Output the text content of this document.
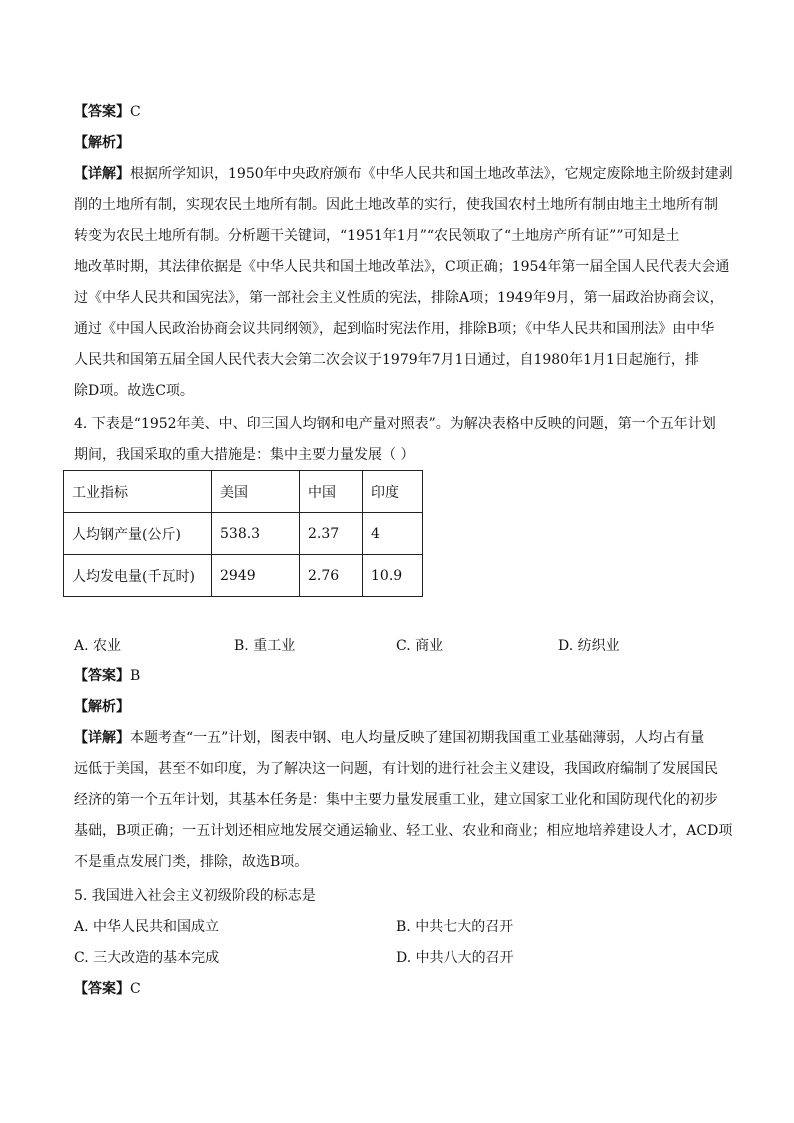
【答案】C
【解析】
【详解】根据所学知识，1950年中央政府颁布《中华人民共和国土地改革法》，它规定废除地主阶级封建剥
削的土地所有制，实现农民土地所有制。因此土地改革的实行，使我国农村土地所有制由地主土地所有制
转变为农民土地所有制。分析题干关键词，“1951年1月”“农民领取了“土地房产所有证””可知是土
地改革时期，其法律依据是《中华人民共和国土地改革法》，C项正确；1954年第一届全国人民代表大会通
过《中华人民共和国宪法》，第一部社会主义性质的宪法，排除A项；1949年9月，第一届政治协商会议，
通过《中国人民政治协商会议共同纲领》，起到临时宪法作用，排除B项；《中华人民共和国刑法》由中华
人民共和国第五届全国人民代表大会第二次会议于1979年7月1日通过，自1980年1月1日起施行，排
除D项。故选C项。
4. 下表是“1952年美、中、印三国人均钢和电产量对照表”。为解决表格中反映的问题，第一个五年计划
期间，我国采取的重大措施是：集中主要力量发展（ ）
工业指标	美国	中国	印度
人均钢产量(公斤)	538.3	2.37	4
人均发电量(千瓦时)	2949	2.76	10.9
A. 农业	B. 重工业	C. 商业	D. 纺织业
【答案】B
【解析】
【详解】本题考查“一五”计划，图表中钢、电人均量反映了建国初期我国重工业基础薄弱，人均占有量
远低于美国，甚至不如印度，为了解决这一问题，有计划的进行社会主义建设，我国政府编制了发展国民
经济的第一个五年计划，其基本任务是：集中主要力量发展重工业，建立国家工业化和国防现代化的初步
基础，B项正确；一五计划还相应地发展交通运输业、轻工业、农业和商业；相应地培养建设人才，ACD项
不是重点发展门类，排除，故选B项。
5. 我国进入社会主义初级阶段的标志是
A. 中华人民共和国成立	B. 中共七大的召开
C. 三大改造的基本完成	D. 中共八大的召开
【答案】C
